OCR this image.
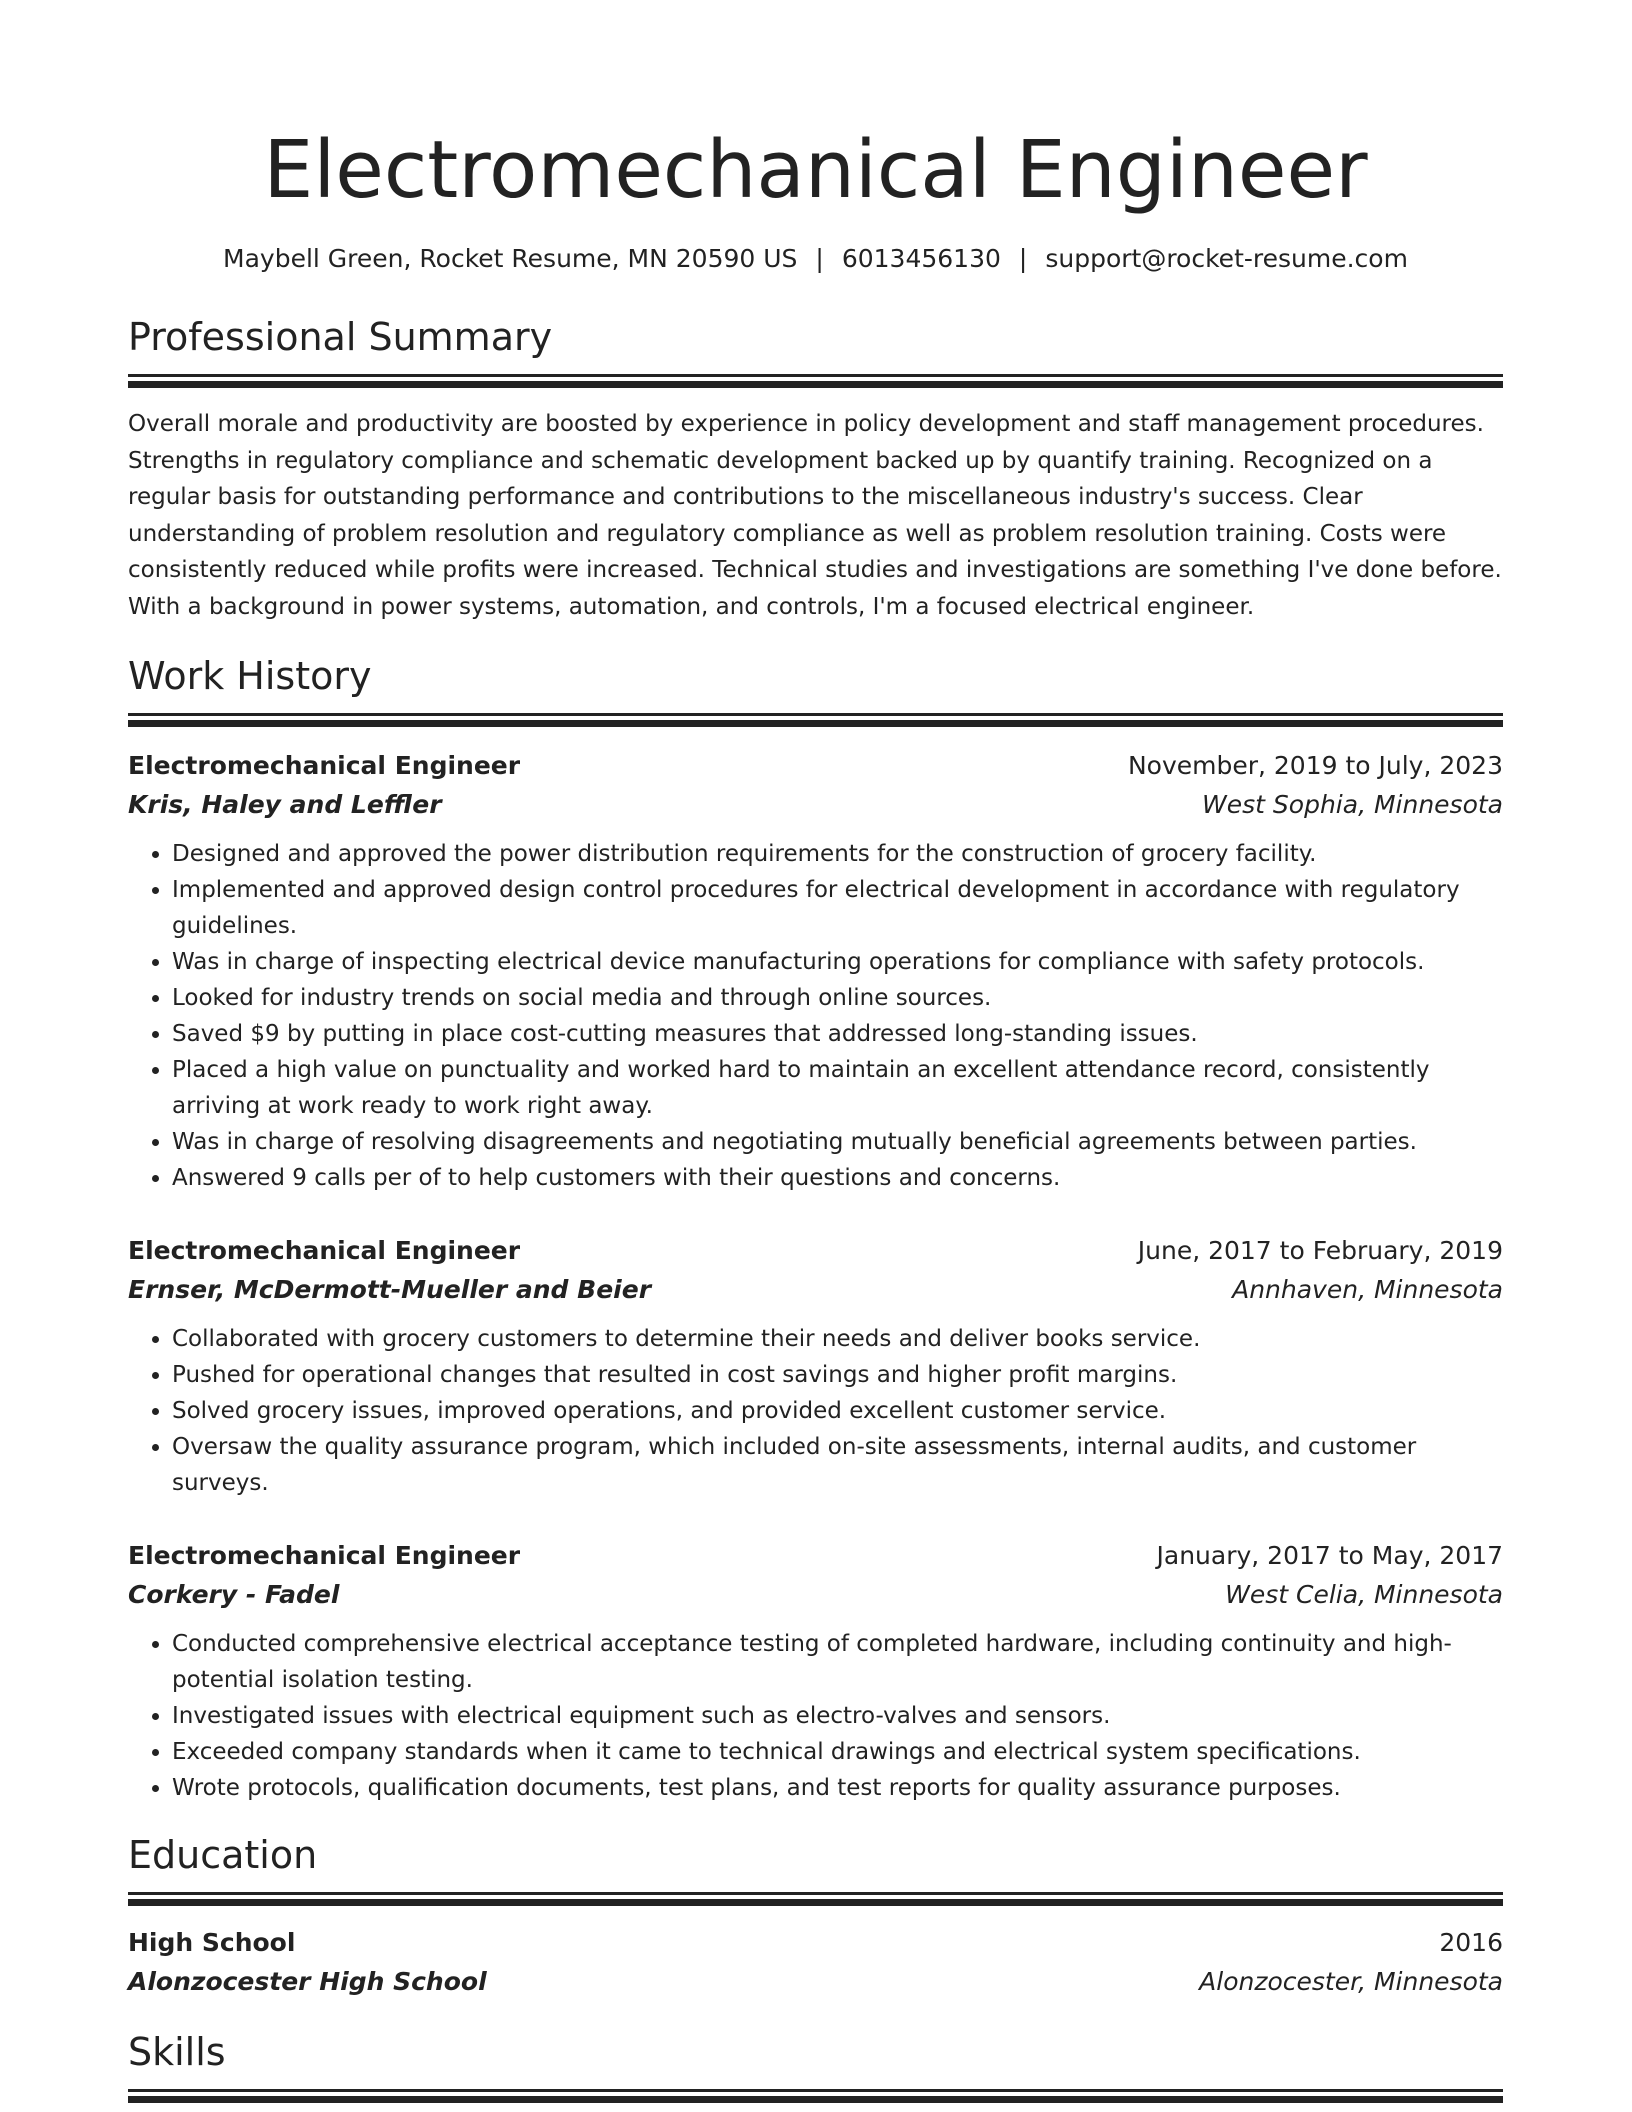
Electromechanical Engineer
Maybell Green, Rocket Resume, MN 20590 US | 6013456130 | support@rocket-resume.com
Professional Summary
Overall morale and productivity are boosted by experience in policy development and staff management procedures. Strengths in regulatory compliance and schematic development backed up by quantify training. Recognized on a regular basis for outstanding performance and contributions to the miscellaneous industry's success. Clear understanding of problem resolution and regulatory compliance as well as problem resolution training. Costs were consistently reduced while profits were increased. Technical studies and investigations are something I've done before. With a background in power systems, automation, and controls, I'm a focused electrical engineer.
Work History
Electromechanical Engineer	November, 2019 to July, 2023
Kris, Haley and Leffler	West Sophia, Minnesota
• Designed and approved the power distribution requirements for the construction of grocery facility.
• Implemented and approved design control procedures for electrical development in accordance with regulatory guidelines.
• Was in charge of inspecting electrical device manufacturing operations for compliance with safety protocols.
• Looked for industry trends on social media and through online sources.
• Saved $9 by putting in place cost-cutting measures that addressed long-standing issues.
• Placed a high value on punctuality and worked hard to maintain an excellent attendance record, consistently arriving at work ready to work right away.
• Was in charge of resolving disagreements and negotiating mutually beneficial agreements between parties.
• Answered 9 calls per of to help customers with their questions and concerns.
Electromechanical Engineer	June, 2017 to February, 2019
Ernser, McDermott-Mueller and Beier	Annhaven, Minnesota
• Collaborated with grocery customers to determine their needs and deliver books service.
• Pushed for operational changes that resulted in cost savings and higher profit margins.
• Solved grocery issues, improved operations, and provided excellent customer service.
• Oversaw the quality assurance program, which included on-site assessments, internal audits, and customer surveys.
Electromechanical Engineer	January, 2017 to May, 2017
Corkery - Fadel	West Celia, Minnesota
• Conducted comprehensive electrical acceptance testing of completed hardware, including continuity and high-potential isolation testing.
• Investigated issues with electrical equipment such as electro-valves and sensors.
• Exceeded company standards when it came to technical drawings and electrical system specifications.
• Wrote protocols, qualification documents, test plans, and test reports for quality assurance purposes.
Education
High School	2016
Alonzocester High School	Alonzocester, Minnesota
Skills
